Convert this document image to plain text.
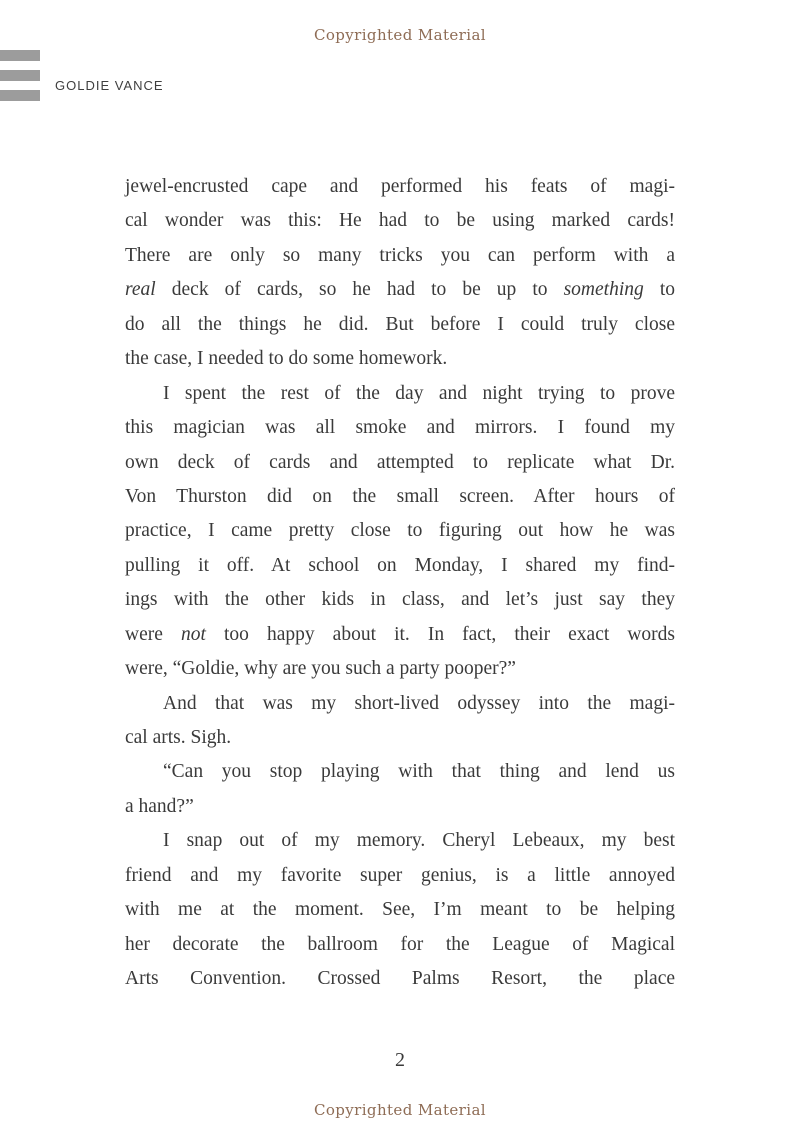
Copyrighted Material
GOLDIE VANCE
jewel-encrusted cape and performed his feats of magi-
cal wonder was this: He had to be using marked cards!
There are only so many tricks you can perform with a
real deck of cards, so he had to be up to something to
do all the things he did. But before I could truly close
the case, I needed to do some homework.
I spent the rest of the day and night trying to prove
this magician was all smoke and mirrors. I found my
own deck of cards and attempted to replicate what Dr.
Von Thurston did on the small screen. After hours of
practice, I came pretty close to figuring out how he was
pulling it off. At school on Monday, I shared my find-
ings with the other kids in class, and let’s just say they
were not too happy about it. In fact, their exact words
were, “Goldie, why are you such a party pooper?”
And that was my short-lived odyssey into the magi-
cal arts. Sigh.
“Can you stop playing with that thing and lend us
a hand?”
I snap out of my memory. Cheryl Lebeaux, my best
friend and my favorite super genius, is a little annoyed
with me at the moment. See, I’m meant to be helping
her decorate the ballroom for the League of Magical
Arts Convention. Crossed Palms Resort, the place
2
Copyrighted Material
